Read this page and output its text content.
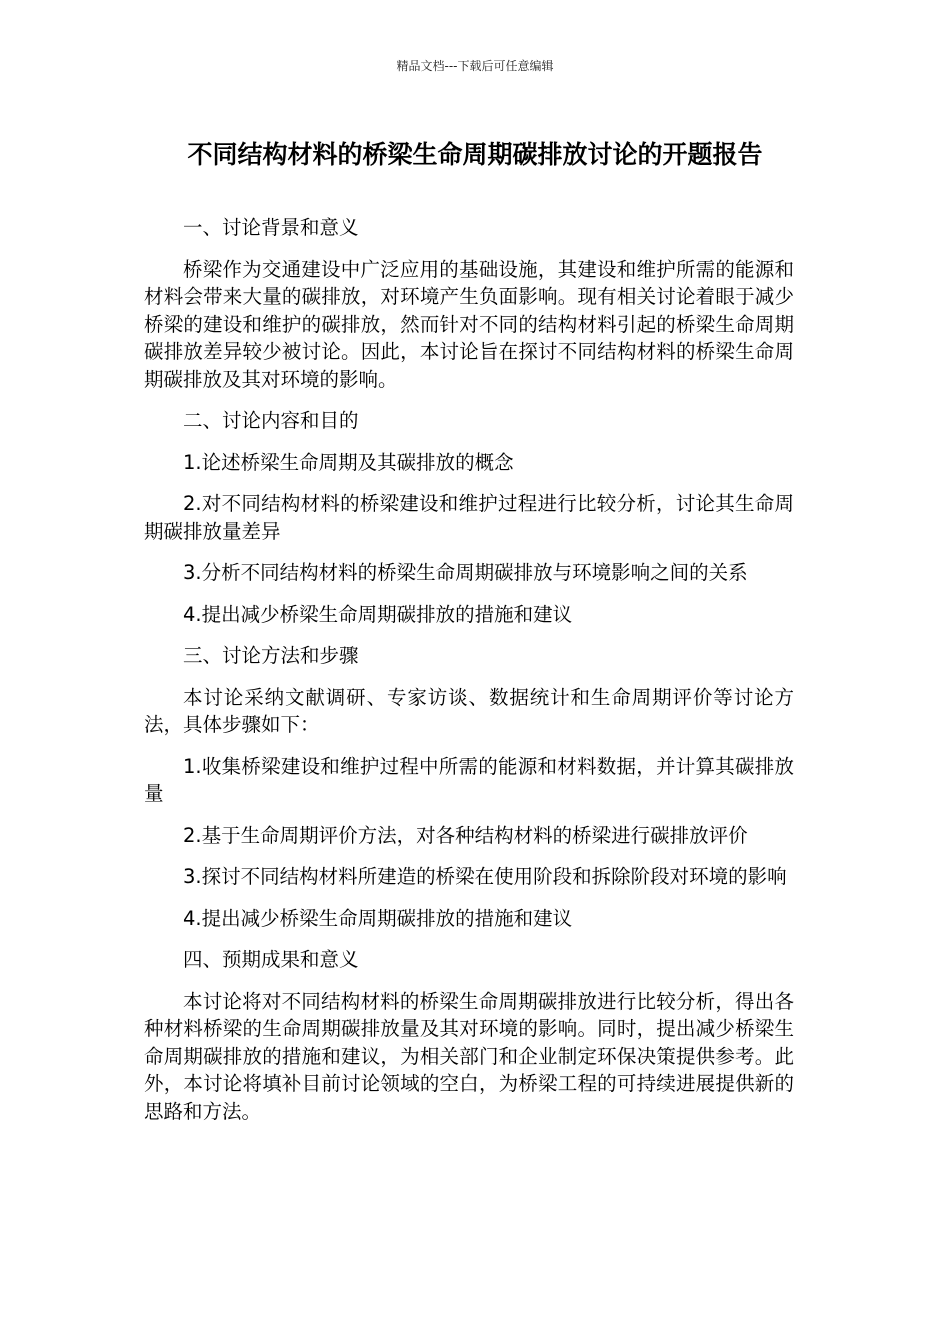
精品文档---下载后可任意编辑
不同结构材料的桥梁生命周期碳排放讨论的开题报告

一、讨论背景和意义

桥梁作为交通建设中广泛应用的基础设施，其建设和维护所需的能源和材料会带来大量的碳排放，对环境产生负面影响。现有相关讨论着眼于减少桥梁的建设和维护的碳排放，然而针对不同的结构材料引起的桥梁生命周期碳排放差异较少被讨论。因此，本讨论旨在探讨不同结构材料的桥梁生命周期碳排放及其对环境的影响。

二、讨论内容和目的

1.论述桥梁生命周期及其碳排放的概念

2.对不同结构材料的桥梁建设和维护过程进行比较分析，讨论其生命周期碳排放量差异

3.分析不同结构材料的桥梁生命周期碳排放与环境影响之间的关系

4.提出减少桥梁生命周期碳排放的措施和建议

三、讨论方法和步骤

本讨论采纳文献调研、专家访谈、数据统计和生命周期评价等讨论方法，具体步骤如下：

1.收集桥梁建设和维护过程中所需的能源和材料数据，并计算其碳排放量

2.基于生命周期评价方法，对各种结构材料的桥梁进行碳排放评价

3.探讨不同结构材料所建造的桥梁在使用阶段和拆除阶段对环境的影响

4.提出减少桥梁生命周期碳排放的措施和建议

四、预期成果和意义

本讨论将对不同结构材料的桥梁生命周期碳排放进行比较分析，得出各种材料桥梁的生命周期碳排放量及其对环境的影响。同时，提出减少桥梁生命周期碳排放的措施和建议，为相关部门和企业制定环保决策提供参考。此外，本讨论将填补目前讨论领域的空白，为桥梁工程的可持续进展提供新的思路和方法。
